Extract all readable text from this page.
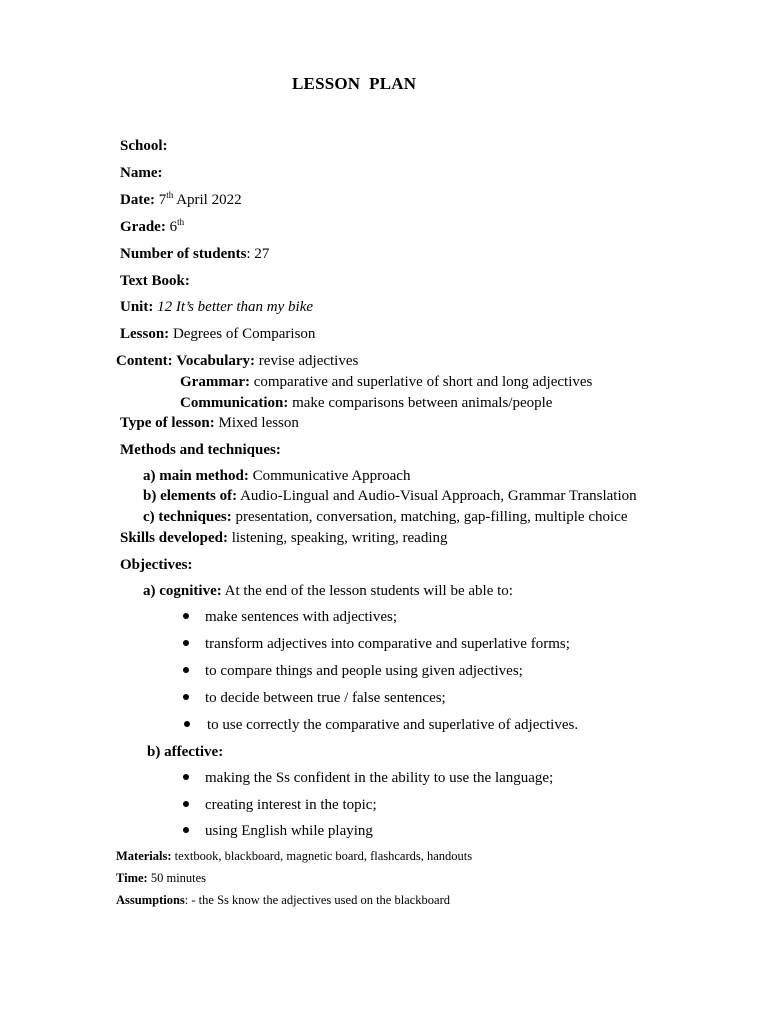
LESSON  PLAN
School:
Name:
Date: 7th April 2022
Grade: 6th
Number of students: 27
Text Book:
Unit: 12 It’s better than my bike
Lesson: Degrees of Comparison
Content: Vocabulary: revise adjectives
Grammar: comparative and superlative of short and long adjectives
Communication: make comparisons between animals/people
Type of lesson: Mixed lesson
Methods and techniques:
a) main method: Communicative Approach
b) elements of: Audio-Lingual and Audio-Visual Approach, Grammar Translation
c) techniques: presentation, conversation, matching, gap-filling, multiple choice
Skills developed: listening, speaking, writing, reading
Objectives:
a) cognitive: At the end of the lesson students will be able to:
make sentences with adjectives;
transform adjectives into comparative and superlative forms;
to compare things and people using given adjectives;
to decide between true / false sentences;
to use correctly the comparative and superlative of adjectives.
b) affective:
making the Ss confident in the ability to use the language;
creating interest in the topic;
using English while playing
Materials: textbook, blackboard, magnetic board, flashcards, handouts
Time: 50 minutes
Assumptions: - the Ss know the adjectives used on the blackboard
